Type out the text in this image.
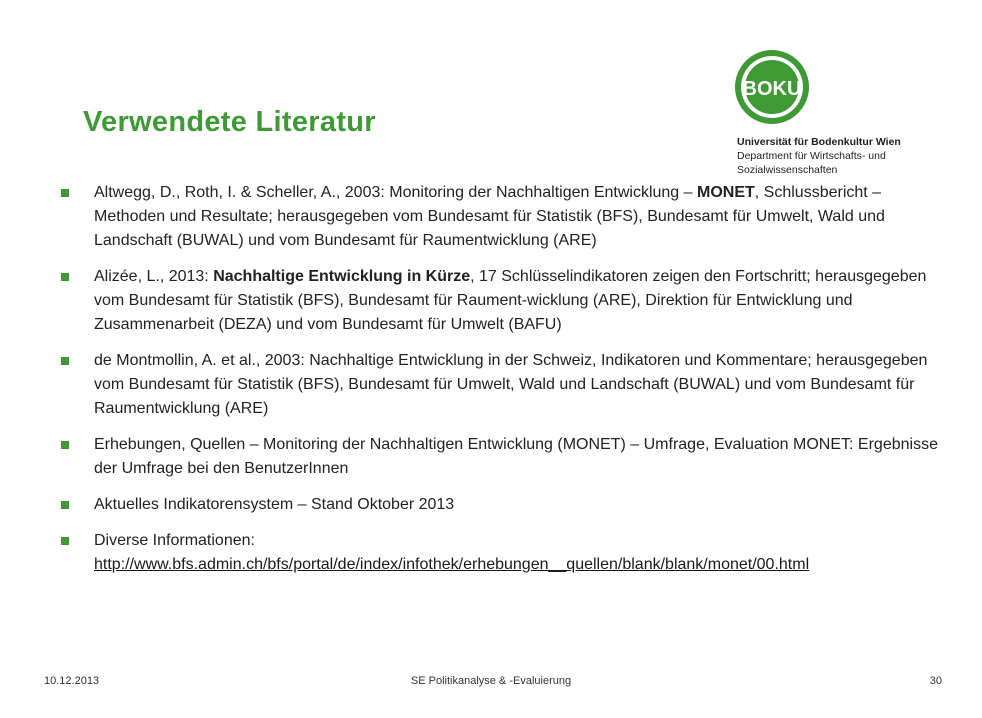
BOKU
Universität für Bodenkultur Wien
Department für Wirtschafts- und
Sozialwissenschaften
Verwendete Literatur
Altwegg, D., Roth, I. & Scheller, A., 2003: Monitoring der Nachhaltigen Entwicklung – MONET, Schlussbericht – Methoden und Resultate; herausgegeben vom Bundesamt für Statistik (BFS), Bundesamt für Umwelt, Wald und Landschaft (BUWAL) und vom Bundesamt für Raumentwicklung (ARE)
Alizée, L., 2013: Nachhaltige Entwicklung in Kürze, 17 Schlüsselindikatoren zeigen den Fortschritt; herausgegeben vom Bundesamt für Statistik (BFS), Bundesamt für Raument-wicklung (ARE), Direktion für Entwicklung und Zusammenarbeit (DEZA) und vom Bundesamt für Umwelt (BAFU)
de Montmollin, A. et al., 2003: Nachhaltige Entwicklung in der Schweiz, Indikatoren und Kommentare; herausgegeben vom Bundesamt für Statistik (BFS), Bundesamt für Umwelt, Wald und Landschaft (BUWAL) und vom Bundesamt für Raumentwicklung (ARE)
Erhebungen, Quellen – Monitoring der Nachhaltigen Entwicklung (MONET) – Umfrage, Evaluation MONET: Ergebnisse der Umfrage bei den BenutzerInnen
Aktuelles Indikatorensystem – Stand Oktober 2013
Diverse Informationen:
http://www.bfs.admin.ch/bfs/portal/de/index/infothek/erhebungen__quellen/blank/blank/monet/00.html
10.12.2013	SE Politikanalyse & -Evaluierung	30
